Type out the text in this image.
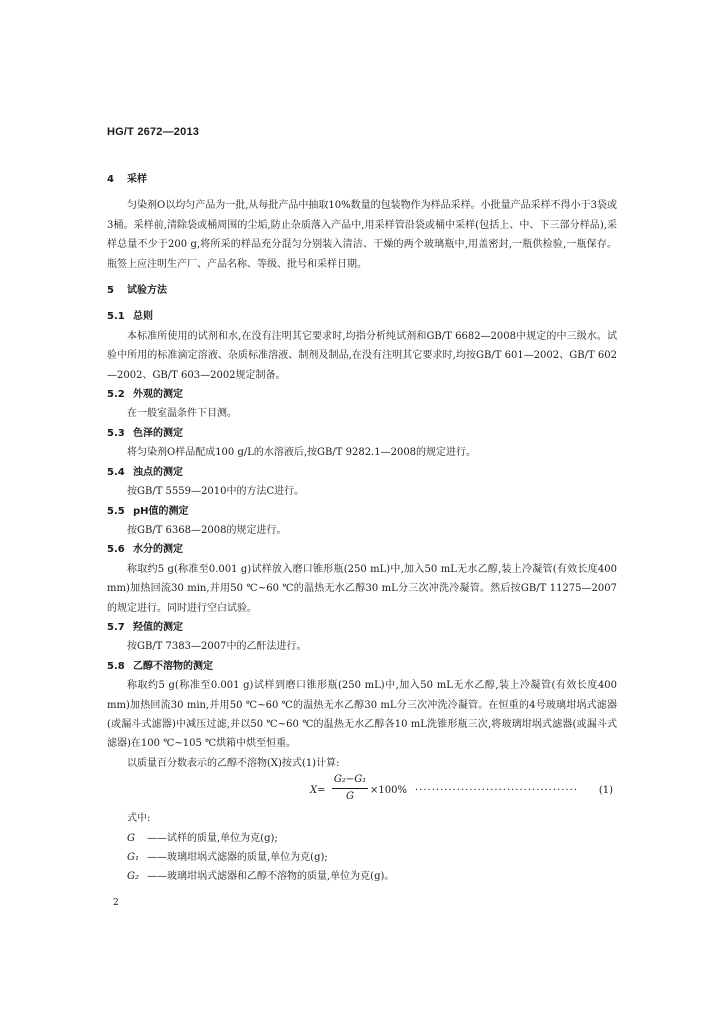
HG/T 2672—2013

4 采样

匀染剂O以均匀产品为一批,从每批产品中抽取10%数量的包装物作为样品采样。小批量产品采样不得小于3袋或3桶。采样前,清除袋或桶周围的尘垢,防止杂质落入产品中,用采样管沿袋或桶中采样(包括上、中、下三部分样品),采样总量不少于200 g,将所采的样品充分混匀分别装入清洁、干燥的两个玻璃瓶中,用盖密封,一瓶供检验,一瓶保存。瓶签上应注明生产厂、产品名称、等级、批号和采样日期。

5 试验方法

5.1 总则

本标准所使用的试剂和水,在没有注明其它要求时,均指分析纯试剂和GB/T 6682—2008中规定的中三级水。试验中所用的标准滴定溶液、杂质标准溶液、制剂及制品,在没有注明其它要求时,均按GB/T 601—2002、GB/T 602—2002、GB/T 603—2002规定制备。

5.2 外观的测定

在一般室温条件下目测。

5.3 色泽的测定

将匀染剂O样品配成100 g/L的水溶液后,按GB/T 9282.1—2008的规定进行。

5.4 浊点的测定

按GB/T 5559—2010中的方法C进行。

5.5 pH值的测定

按GB/T 6368—2008的规定进行。

5.6 水分的测定

称取约5 g(称准至0.001 g)试样放入磨口锥形瓶(250 mL)中,加入50 mL无水乙醇,装上冷凝管(有效长度400 mm)加热回流30 min,并用50 ℃~60 ℃的温热无水乙醇30 mL分三次冲洗冷凝管。然后按GB/T 11275—2007的规定进行。同时进行空白试验。

5.7 羟值的测定

按GB/T 7383—2007中的乙酐法进行。

5.8 乙醇不溶物的测定

称取约5 g(称准至0.001 g)试样到磨口锥形瓶(250 mL)中,加入50 mL无水乙醇,装上冷凝管(有效长度400 mm)加热回流30 min,并用50 ℃~60 ℃的温热无水乙醇30 mL分三次冲洗冷凝管。在恒重的4号玻璃坩埚式滤器(或漏斗式滤器)中减压过滤,并以50 ℃~60 ℃的温热无水乙醇各10 mL洗锥形瓶三次,将玻璃坩埚式滤器(或漏斗式滤器)在100 ℃~105 ℃烘箱中烘至恒重。

以质量百分数表示的乙醇不溶物(X)按式(1)计算:

$X= \frac{\text{G₂−G₁}}{G} \times 100\%$ ······································· (1)

式中:

G ——试样的质量,单位为克(g);

G₁ ——玻璃坩埚式滤器的质量,单位为克(g);

G₂ ——玻璃坩埚式滤器和乙醇不溶物的质量,单位为克(g)。

2
